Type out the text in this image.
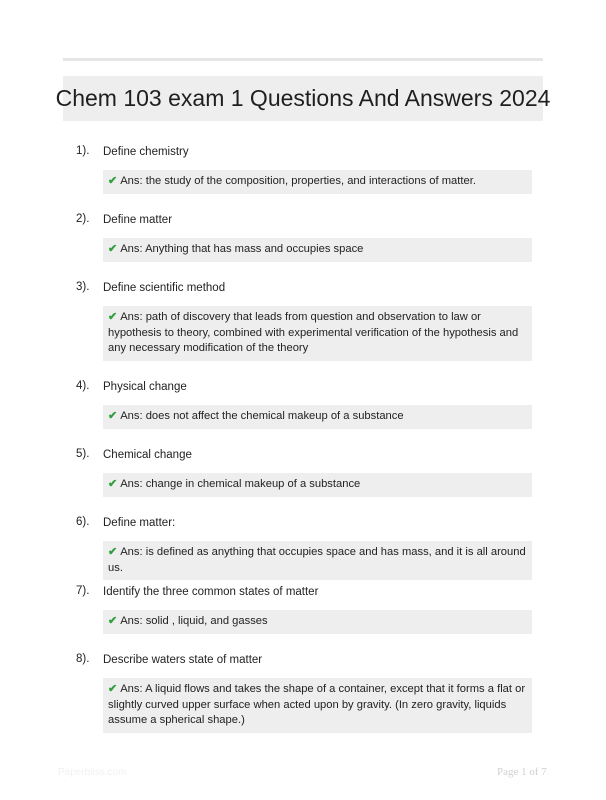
Chem 103 exam 1 Questions And Answers 2024
1). Define chemistry
✔ Ans: the study of the composition, properties, and interactions of matter.
2). Define matter
✔ Ans: Anything that has mass and occupies space
3). Define scientific method
✔ Ans: path of discovery that leads from question and observation to law or hypothesis to theory, combined with experimental verification of the hypothesis and any necessary modification of the theory
4). Physical change
✔ Ans: does not affect the chemical makeup of a substance
5). Chemical change
✔ Ans: change in chemical makeup of a substance
6). Define matter:
✔ Ans: is defined as anything that occupies space and has mass, and it is all around us.
7). Identify the three common states of matter
✔ Ans: solid , liquid, and gasses
8). Describe waters state of matter
✔ Ans: A liquid flows and takes the shape of a container, except that it forms a flat or slightly curved upper surface when acted upon by gravity. (In zero gravity, liquids assume a spherical shape.)
Paperbliss.com	Page 1 of 7
